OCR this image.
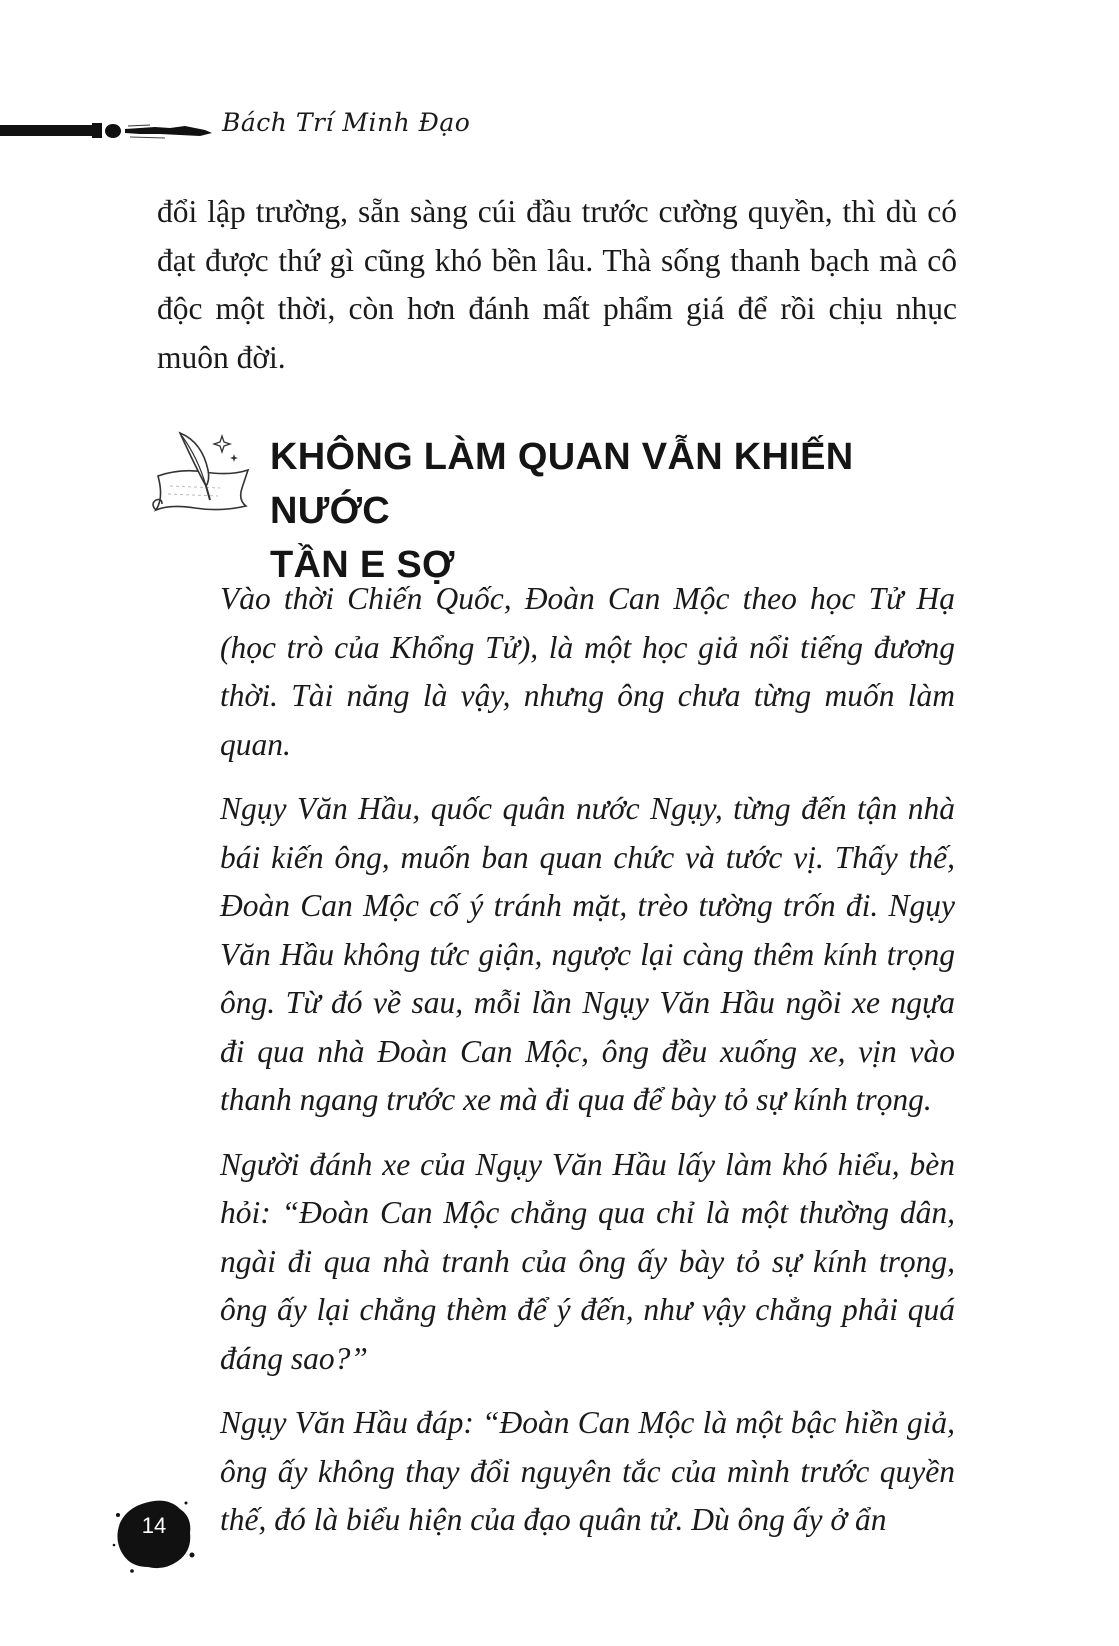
Bách Trí Minh Đạo

đổi lập trường, sẵn sàng cúi đầu trước cường quyền, thì dù có đạt được thứ gì cũng khó bền lâu. Thà sống thanh bạch mà cô độc một thời, còn hơn đánh mất phẩm giá để rồi chịu nhục muôn đời.

KHÔNG LÀM QUAN VẪN KHIẾN NƯỚC
TẦN E SỢ

Vào thời Chiến Quốc, Đoàn Can Mộc theo học Tử Hạ (học trò của Khổng Tử), là một học giả nổi tiếng đương thời. Tài năng là vậy, nhưng ông chưa từng muốn làm quan.

Ngụy Văn Hầu, quốc quân nước Ngụy, từng đến tận nhà bái kiến ông, muốn ban quan chức và tước vị. Thấy thế, Đoàn Can Mộc cố ý tránh mặt, trèo tường trốn đi. Ngụy Văn Hầu không tức giận, ngược lại càng thêm kính trọng ông. Từ đó về sau, mỗi lần Ngụy Văn Hầu ngồi xe ngựa đi qua nhà Đoàn Can Mộc, ông đều xuống xe, vịn vào thanh ngang trước xe mà đi qua để bày tỏ sự kính trọng.

Người đánh xe của Ngụy Văn Hầu lấy làm khó hiểu, bèn hỏi: “Đoàn Can Mộc chẳng qua chỉ là một thường dân, ngài đi qua nhà tranh của ông ấy bày tỏ sự kính trọng, ông ấy lại chẳng thèm để ý đến, như vậy chẳng phải quá đáng sao?”

Ngụy Văn Hầu đáp: “Đoàn Can Mộc là một bậc hiền giả, ông ấy không thay đổi nguyên tắc của mình trước quyền thế, đó là biểu hiện của đạo quân tử. Dù ông ấy ở ẩn

14
